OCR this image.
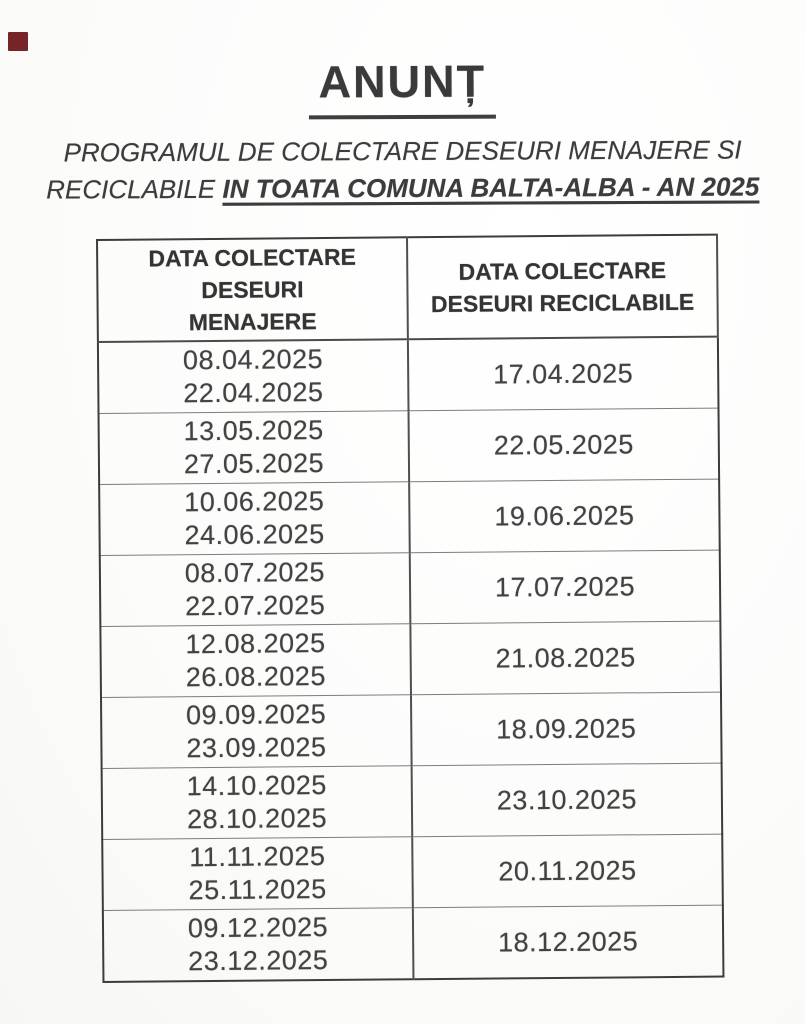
ANUNȚ

PROGRAMUL DE COLECTARE DESEURI MENAJERE SI
RECICLABILE IN TOATA COMUNA BALTA-ALBA - AN 2025

DATA COLECTARE DESEURI
MENAJERE	DATA COLECTARE
DESEURI RECICLABILE

08.04.2025
22.04.2025	17.04.2025

13.05.2025
27.05.2025	22.05.2025

10.06.2025
24.06.2025	19.06.2025

08.07.2025
22.07.2025	17.07.2025

12.08.2025
26.08.2025	21.08.2025

09.09.2025
23.09.2025	18.09.2025

14.10.2025
28.10.2025	23.10.2025

11.11.2025
25.11.2025	20.11.2025

09.12.2025
23.12.2025	18.12.2025
